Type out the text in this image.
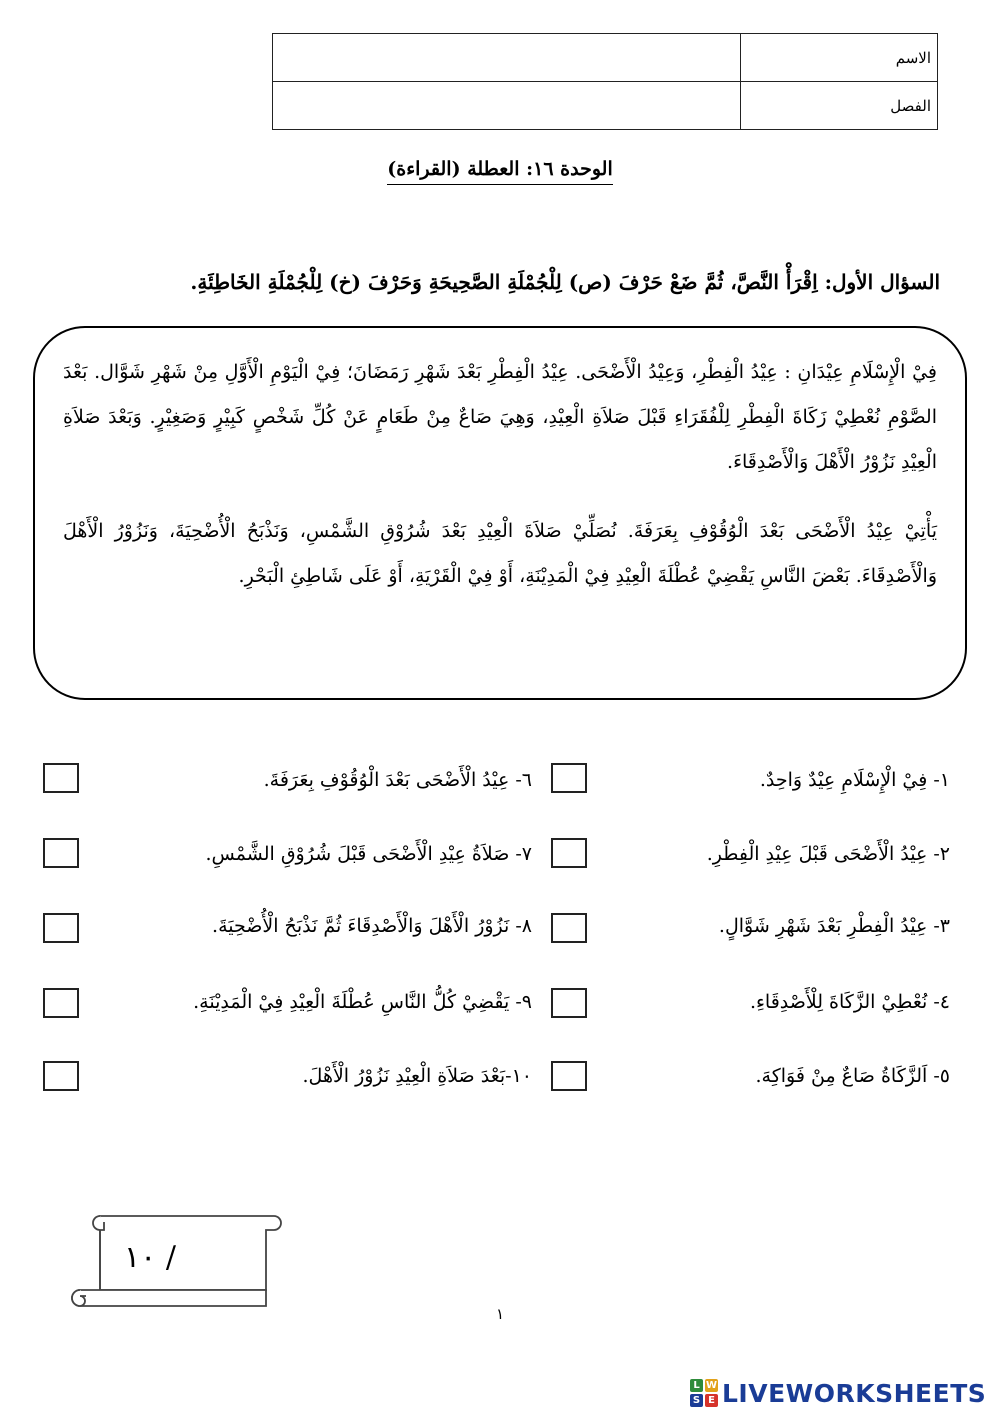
الاسم	
الفصل	
الوحدة ١٦: العطلة (القراءة)
السؤال الأول: اِقْرَأْ النَّصَّ، ثُمَّ ضَعْ حَرْفَ (ص) لِلْجُمْلَةِ الصَّحِيحَةِ وَحَرْفَ (خ) لِلْجُمْلَةِ الخَاطِئَةِ.

فِيْ الْإِسْلَامِ عِيْدَانِ : عِيْدُ الْفِطْرِ، وَعِيْدُ الْأَضْحَى. عِيْدُ الْفِطْرِ بَعْدَ شَهْرِ رَمَضَانَ؛ فِيْ الْيَوْمِ الْأَوَّلِ مِنْ شَهْرِ شَوَّال. بَعْدَ الصَّوْمِ نُعْطِيْ زَكَاةَ الْفِطْرِ لِلْفُقَرَاءِ قَبْلَ صَلاَةِ الْعِيْدِ، وَهِيَ صَاعٌ مِنْ طَعَامٍ عَنْ كُلِّ شَخْصٍ كَبِيْرٍ وَصَغِيْرٍ. وَبَعْدَ صَلاَةِ الْعِيْدِ نَزُوْرُ الْأَهْلَ وَالْأَصْدِقَاءَ.

يَأْتِيْ عِيْدُ الْأَضْحَى بَعْدَ الْوُقُوْفِ بِعَرَفَةَ. نُصَلِّيْ صَلاَةَ الْعِيْدِ بَعْدَ شُرُوْقِ الشَّمْسِ، وَنَذْبَحُ الْأُضْحِيَةَ، وَنَزُوْرُ الْأَهْلَ وَالْأَصْدِقَاءَ. بَعْضَ النَّاسِ يَقْضِيْ عُطْلَةَ الْعِيْدِ فِيْ الْمَدِيْنَةِ، أَوْ فِيْ الْقَرْيَةِ، أَوْ عَلَى شَاطِئِ الْبَحْرِ.

١- فِيْ الْإِسْلَامِ عِيْدٌ وَاحِدٌ.
٢- عِيْدُ الْأَضْحَى قَبْلَ عِيْدِ الْفِطْرِ.
٣- عِيْدُ الْفِطْرِ بَعْدَ شَهْرِ شَوَّالٍ.
٤- نُعْطِيْ الزَّكَاةَ لِلْأَصْدِقَاءِ.
٥- اَلزَّكَاةُ صَاعٌ مِنْ فَوَاكِهَ.
٦- عِيْدُ الْأَضْحَى بَعْدَ الْوُقُوْفِ بِعَرَفَةَ.
٧- صَلاَةُ عِيْدِ الْأَضْحَى قَبْلَ شُرُوْقِ الشَّمْسِ.
٨- نَزُوْرُ الْأَهْلَ وَالْأَصْدِقَاءَ ثُمَّ نَذْبَحُ الْأُضْحِيَةَ.
٩- يَقْضِيْ كُلُّ النَّاسِ عُطْلَةَ الْعِيْدِ فِيْ الْمَدِيْنَةِ.
١٠-بَعْدَ صَلاَةِ الْعِيْدِ نَزُوْرُ الْأَهْلَ.
/ ١٠
١
L W
S E LIVEWORKSHEETS
